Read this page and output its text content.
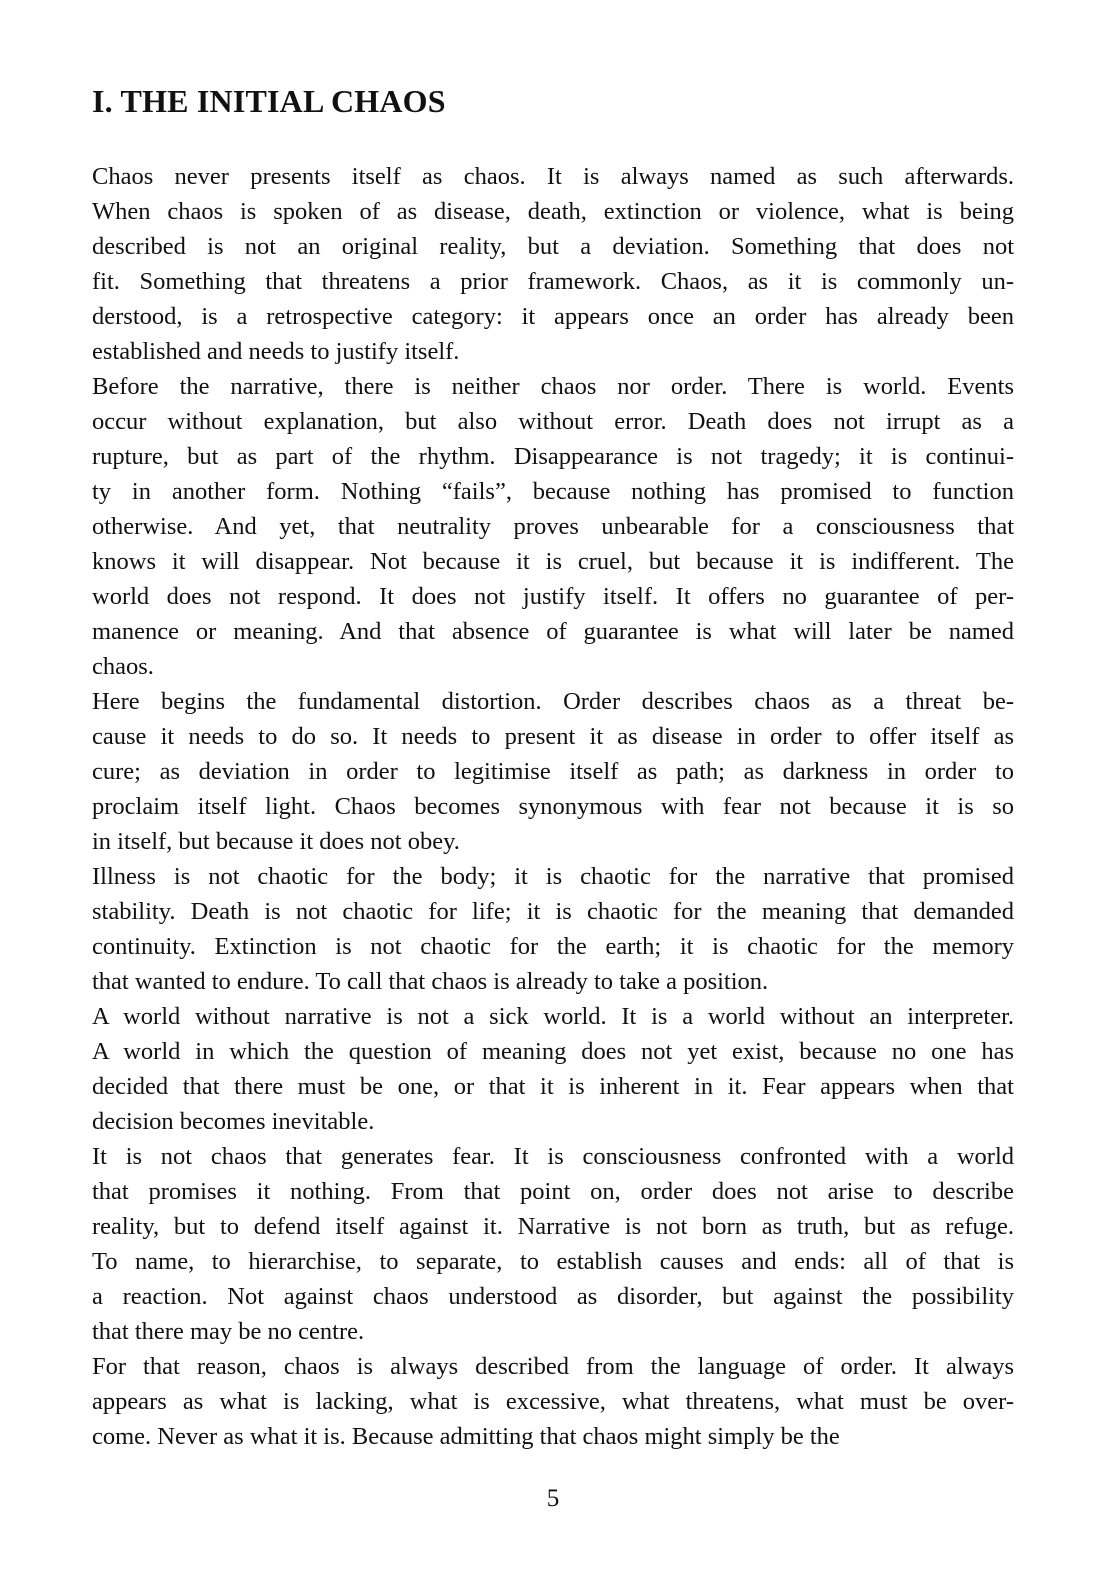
I. THE INITIAL CHAOS

Chaos never presents itself as chaos. It is always named as such afterwards.
When chaos is spoken of as disease, death, extinction or violence, what is being
described is not an original reality, but a deviation. Something that does not
fit. Something that threatens a prior framework. Chaos, as it is commonly un-
derstood, is a retrospective category: it appears once an order has already been
established and needs to justify itself.

Before the narrative, there is neither chaos nor order. There is world. Events
occur without explanation, but also without error. Death does not irrupt as a
rupture, but as part of the rhythm. Disappearance is not tragedy; it is continui-
ty in another form. Nothing “fails”, because nothing has promised to function
otherwise. And yet, that neutrality proves unbearable for a consciousness that
knows it will disappear. Not because it is cruel, but because it is indifferent. The
world does not respond. It does not justify itself. It offers no guarantee of per-
manence or meaning. And that absence of guarantee is what will later be named
chaos.

Here begins the fundamental distortion. Order describes chaos as a threat be-
cause it needs to do so. It needs to present it as disease in order to offer itself as
cure; as deviation in order to legitimise itself as path; as darkness in order to
proclaim itself light. Chaos becomes synonymous with fear not because it is so
in itself, but because it does not obey.

Illness is not chaotic for the body; it is chaotic for the narrative that promised
stability. Death is not chaotic for life; it is chaotic for the meaning that demanded
continuity. Extinction is not chaotic for the earth; it is chaotic for the memory
that wanted to endure. To call that chaos is already to take a position.

A world without narrative is not a sick world. It is a world without an interpreter.
A world in which the question of meaning does not yet exist, because no one has
decided that there must be one, or that it is inherent in it. Fear appears when that
decision becomes inevitable.

It is not chaos that generates fear. It is consciousness confronted with a world
that promises it nothing. From that point on, order does not arise to describe
reality, but to defend itself against it. Narrative is not born as truth, but as refuge.
To name, to hierarchise, to separate, to establish causes and ends: all of that is
a reaction. Not against chaos understood as disorder, but against the possibility
that there may be no centre.

For that reason, chaos is always described from the language of order. It always
appears as what is lacking, what is excessive, what threatens, what must be over-
come. Never as what it is. Because admitting that chaos might simply be the

5
